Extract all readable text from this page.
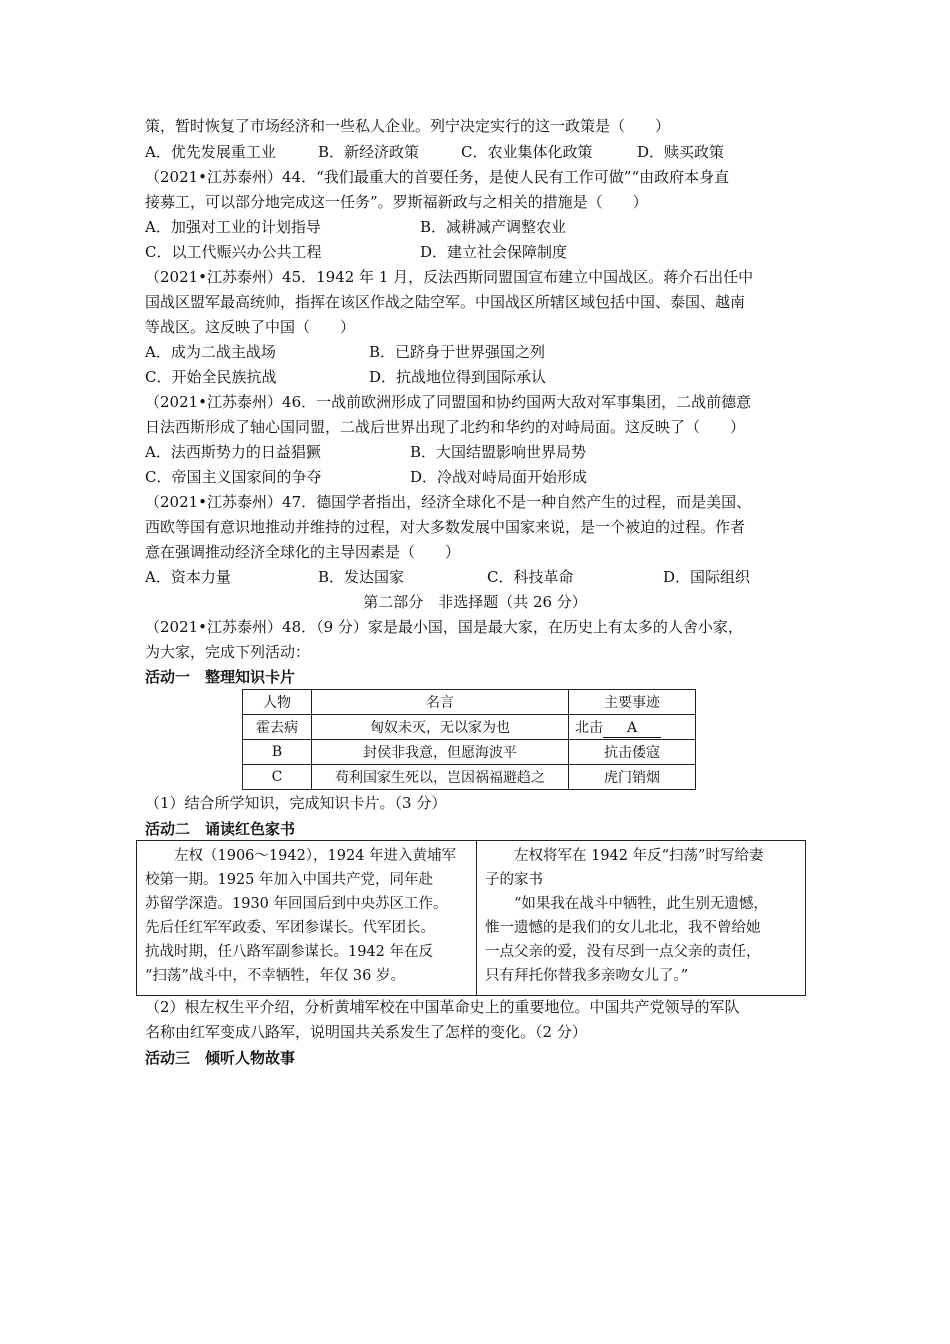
策，暂时恢复了市场经济和一些私人企业。列宁决定实行的这一政策是（　　）
A．优先发展重工业	B．新经济政策	C．农业集体化政策	D．赎买政策
（2021•江苏泰州）44．“我们最重大的首要任务，是使人民有工作可做”“由政府本身直
接募工，可以部分地完成这一任务”。罗斯福新政与之相关的措施是（　　）
A．加强对工业的计划指导	B．减耕减产调整农业
C．以工代赈兴办公共工程	D．建立社会保障制度
（2021•江苏泰州）45．1942 年 1 月，反法西斯同盟国宣布建立中国战区。蒋介石出任中
国战区盟军最高统帅，指挥在该区作战之陆空军。中国战区所辖区域包括中国、泰国、越南
等战区。这反映了中国（　　）
A．成为二战主战场	B．已跻身于世界强国之列
C．开始全民族抗战	D．抗战地位得到国际承认
（2021•江苏泰州）46．一战前欧洲形成了同盟国和协约国两大敌对军事集团，二战前德意
日法西斯形成了轴心国同盟，二战后世界出现了北约和华约的对峙局面。这反映了（　　）
A．法西斯势力的日益猖獗	B．大国结盟影响世界局势
C．帝国主义国家间的争夺	D．冷战对峙局面开始形成
（2021•江苏泰州）47．德国学者指出，经济全球化不是一种自然产生的过程，而是美国、
西欧等国有意识地推动并维持的过程，对大多数发展中国家来说，是一个被迫的过程。作者
意在强调推动经济全球化的主导因素是（　　）
A．资本力量	B．发达国家	C．科技革命	D．国际组织
第二部分　非选择题（共 26 分）
（2021•江苏泰州）48．（9 分）家是最小国，国是最大家，在历史上有太多的人舍小家，
为大家，完成下列活动：
活动一　整理知识卡片
人物	名言	主要事迹
霍去病	匈奴未灭，无以家为也	北击 A
B	封侯非我意，但愿海波平	抗击倭寇
C	苟利国家生死以，岂因祸福避趋之	虎门销烟
（1）结合所学知识，完成知识卡片。（3 分）
活动二　诵读红色家书
　　左权（1906～1942），1924 年进入黄埔军
校第一期。1925 年加入中国共产党，同年赴
苏留学深造。1930 年回国后到中央苏区工作。
先后任红军军政委、军团参谋长。代军团长。
抗战时期，任八路军副参谋长。1942 年在反
“扫荡”战斗中，不幸牺牲，年仅 36 岁。
　　左权将军在 1942 年反“扫荡”时写给妻
子的家书
　　“如果我在战斗中牺牲，此生别无遗憾，
惟一遗憾的是我们的女儿北北，我不曾给她
一点父亲的爱，没有尽到一点父亲的责任，
只有拜托你替我多亲吻女儿了。”
（2）根左权生平介绍，分析黄埔军校在中国革命史上的重要地位。中国共产党领导的军队
名称由红军变成八路军，说明国共关系发生了怎样的变化。（2 分）
活动三　倾听人物故事
